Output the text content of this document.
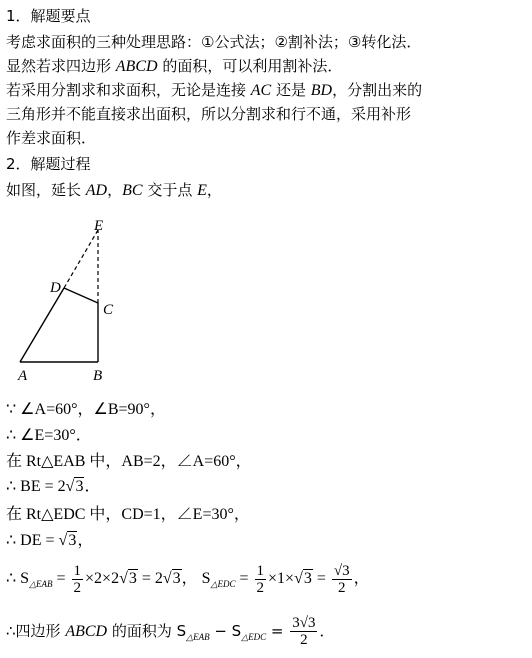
1．解题要点
考虑求面积的三种处理思路：①公式法；②割补法；③转化法．
显然若求四边形 ABCD 的面积，可以利用割补法．
若采用分割求和求面积，无论是连接 AC 还是 BD，分割出来的
三角形并不能直接求出面积，所以分割求和行不通，采用补形
作差求面积．
2．解题过程
如图，延长 AD，BC 交于点 E，
E
D
C
A	B
∵ ∠A=60°，∠B=90°，
∴ ∠E=30°．
在 Rt△EAB 中，AB=2，∠A=60°，
∴ BE = 2√3．
在 Rt△EDC 中，CD=1，∠E=30°，
∴ DE = √3，
∴ $S_{\triangle EAB} = \frac{1}{2} \times 2\times 2√3 = 2√3$， $S_{\triangle EDC} = \frac{1}{2} \times 1\times√3 = \frac{√3}{2}$ ，
∴四边形 ABCD 的面积为 $S_{\triangle EAB} - S_{\triangle EDC} = \frac{3√3}{2}$ ．
